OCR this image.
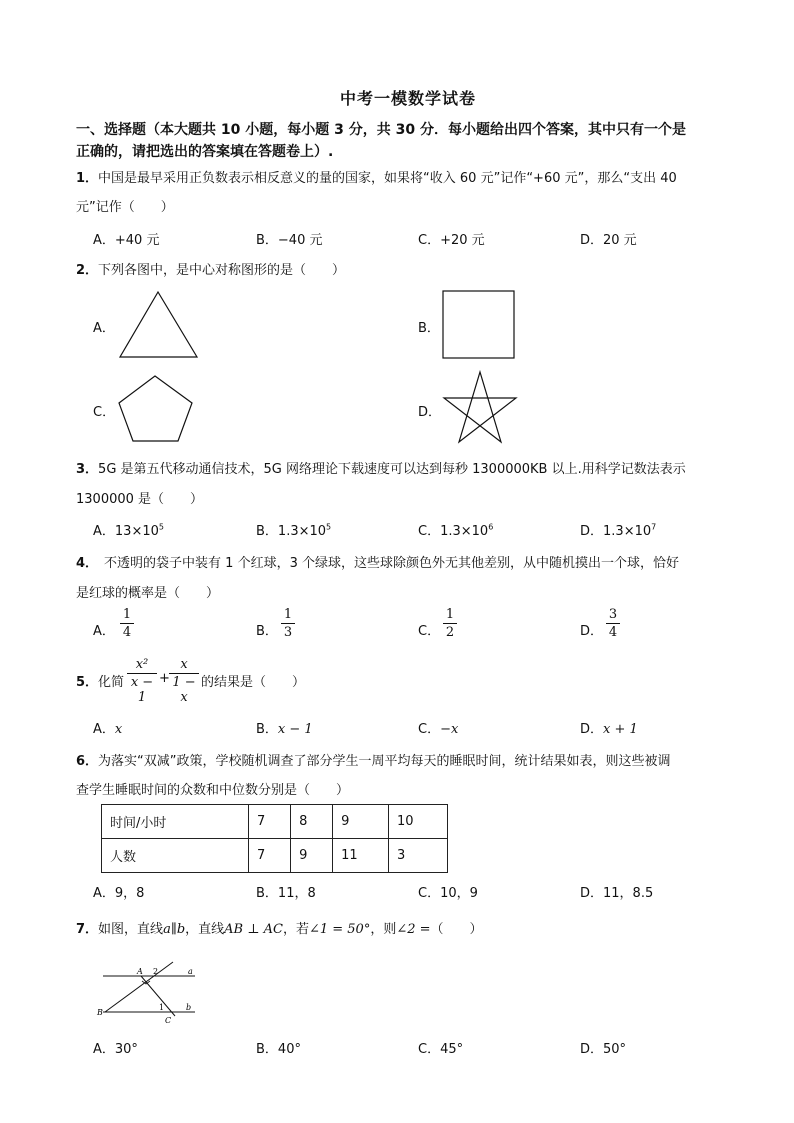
中考一模数学试卷
一、选择题（本大题共 10 小题，每小题 3 分，共 30 分．每小题给出四个答案，其中只有一个是
正确的，请把选出的答案填在答题卷上）.
1．中国是最早采用正负数表示相反意义的量的国家，如果将“收入 60 元”记作“+60 元”，那么“支出 40
元”记作（　　）
A．+40 元	B．−40 元	C．+20 元	D．20 元
2．下列各图中，是中心对称图形的是（　　）
A．	B．
C．	D．
3．5G 是第五代移动通信技术，5G 网络理论下载速度可以达到每秒 1300000KB 以上.用科学记数法表示
1300000 是（　　）
A．$13\times 10^5$	B．$1.3\times 10^5$	C．$1.3\times 10^6$	D．$1.3\times 10^7$
4． 不透明的袋子中装有 1 个红球，3 个绿球，这些球除颜色外无其他差别，从中随机摸出一个球，恰好
是红球的概率是（　　）
A．
1
4	B．
1
3	C．
1
2	D．
3
4
5．化简
x²
x − 1
+
x
1 − x
的结果是（　　）
A．x	B．x − 1	C．−x	D．x + 1
6．为落实“双减”政策，学校随机调查了部分学生一周平均每天的睡眠时间，统计结果如表，则这些被调
查学生睡眠时间的众数和中位数分别是（　　）
时间/小时	7	8	9	10
人数	7	9	11	3
A．9，8	B．11，8	C．10，9	D．11，8.5
7．如图，直线a∥b，直线AB ⊥ AC，若∠1 = 50°，则∠2 =（　　）
A 2	a
B
1
C
b
A．30°	B．40°	C．45°	D．50°
